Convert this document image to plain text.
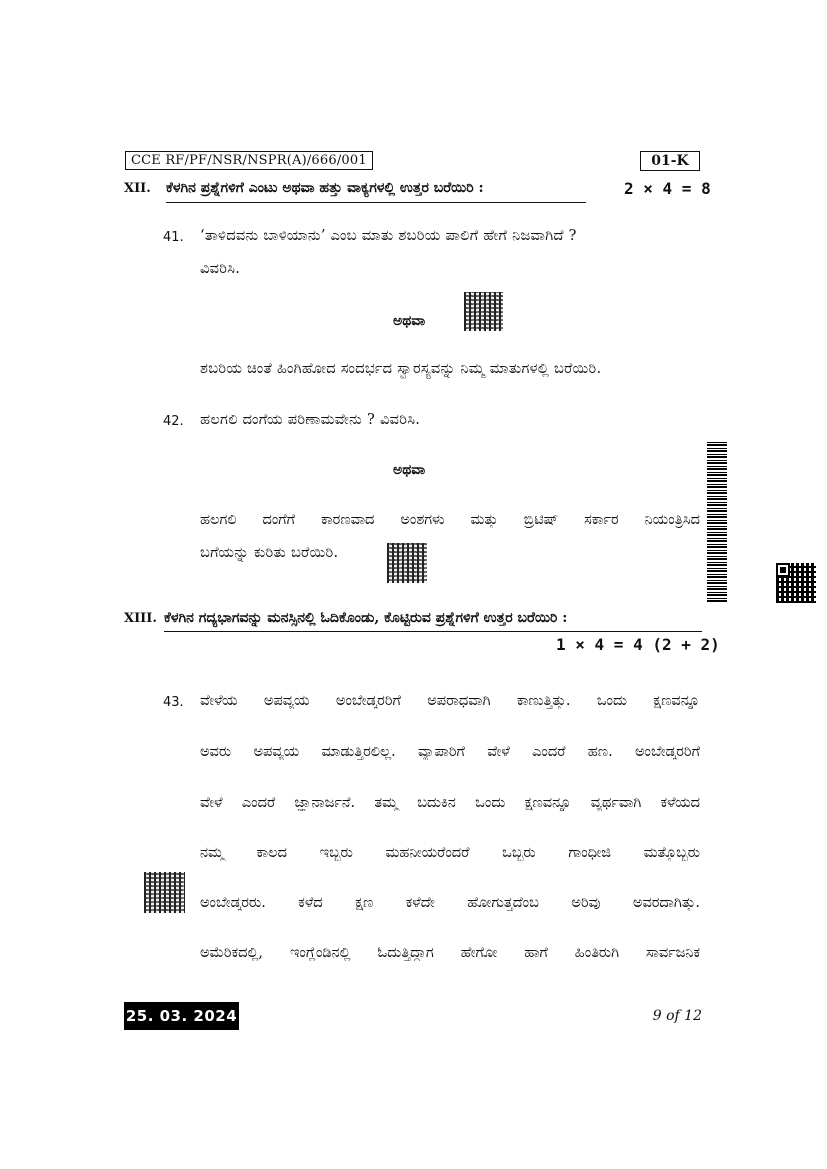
CCE RF/PF/NSR/NSPR(A)/666/001	01-K
XII. ಕೆಳಗಿನ ಪ್ರಶ್ನೆಗಳಿಗೆ ಎಂಟು ಅಥವಾ ಹತ್ತು ವಾಕ್ಯಗಳಲ್ಲಿ ಉತ್ತರ ಬರೆಯಿರಿ :	2 × 4 = 8
41. ‘ತಾಳಿದವನು ಬಾಳಿಯಾನು’ ಎಂಬ ಮಾತು ಶಬರಿಯ ಪಾಲಿಗೆ ಹೇಗೆ ನಿಜವಾಗಿದೆ ?
ವಿವರಿಸಿ.
ಅಥವಾ
ಶಬರಿಯ ಚಿಂತೆ ಹಿಂಗಿಹೋದ ಸಂದರ್ಭದ ಸ್ವಾರಸ್ಯವನ್ನು ನಿಮ್ಮ ಮಾತುಗಳಲ್ಲಿ ಬರೆಯಿರಿ.
42. ಹಲಗಲಿ ದಂಗೆಯ ಪರಿಣಾಮವೇನು ? ವಿವರಿಸಿ.
ಅಥವಾ
ಹಲಗಲಿ ದಂಗೆಗೆ ಕಾರಣವಾದ ಅಂಶಗಳು ಮತ್ತು ಬ್ರಿಟಿಷ್ ಸರ್ಕಾರ ನಿಯಂತ್ರಿಸಿದ
ಬಗೆಯನ್ನು ಕುರಿತು ಬರೆಯಿರಿ.
XIII. ಕೆಳಗಿನ ಗದ್ಯಭಾಗವನ್ನು ಮನಸ್ಸಿನಲ್ಲಿ ಓದಿಕೊಂಡು, ಕೊಟ್ಟಿರುವ ಪ್ರಶ್ನೆಗಳಿಗೆ ಉತ್ತರ ಬರೆಯಿರಿ :
1 × 4 = 4 (2 + 2)
43. ವೇಳೆಯ ಅಪವ್ಯಯ ಅಂಬೇಡ್ಕರರಿಗೆ ಅಪರಾಧವಾಗಿ ಕಾಣುತ್ತಿತ್ತು. ಒಂದು ಕ್ಷಣವನ್ನೂ
ಅವರು ಅಪವ್ಯಯ ಮಾಡುತ್ತಿರಲಿಲ್ಲ. ವ್ಯಾಪಾರಿಗೆ ವೇಳೆ ಎಂದರೆ ಹಣ. ಅಂಬೇಡ್ಕರರಿಗೆ
ವೇಳೆ ಎಂದರೆ ಜ್ಞಾನಾರ್ಜನೆ. ತಮ್ಮ ಬದುಕಿನ ಒಂದು ಕ್ಷಣವನ್ನೂ ವ್ಯರ್ಥವಾಗಿ ಕಳೆಯದ
ನಮ್ಮ ಕಾಲದ ಇಬ್ಬರು ಮಹನೀಯರೆಂದರೆ ಒಬ್ಬರು ಗಾಂಧೀಜಿ ಮತ್ತೊಬ್ಬರು
ಅಂಬೇಡ್ಕರರು. ಕಳೆದ ಕ್ಷಣ ಕಳೆದೇ ಹೋಗುತ್ತದೆಂಬ ಅರಿವು ಅವರದಾಗಿತ್ತು.
ಅಮೆರಿಕದಲ್ಲಿ, ಇಂಗ್ಲೆಂಡಿನಲ್ಲಿ ಓದುತ್ತಿದ್ದಾಗ ಹೇಗೋ ಹಾಗೆ ಹಿಂತಿರುಗಿ ಸಾರ್ವಜನಿಕ
25. 03. 2024	9 of 12
